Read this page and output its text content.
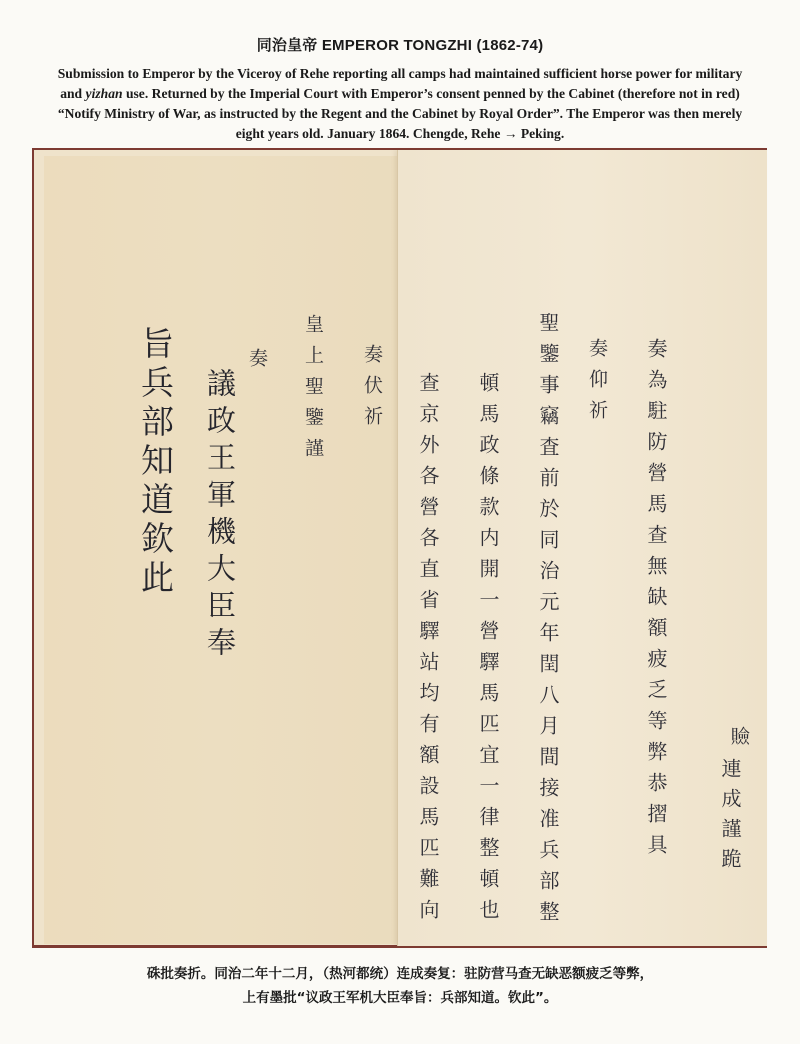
同治皇帝 EMPEROR TONGZHI (1862-74)
Submission to Emperor by the Viceroy of Rehe reporting all camps had maintained sufficient horse power for military
and yizhan use. Returned by the Imperial Court with Emperor’s consent penned by the Cabinet (therefore not in red)
“Notify Ministry of War, as instructed by the Regent and the Cabinet by Royal Order”. The Emperor was then merely
eight years old. January 1864. Chengde, Rehe → Peking.
旨兵部知道欽此 議政王軍機大臣奉
奏 皇上聖鑒謹 奏伏祈 查京外各營各直省驛站均有額設馬匹難向 頓馬政條款内開一營驛馬匹宜一律整頓也 聖鑒事竊査前於同治元年閏八月間接准兵部整 奏仰祈 奏為駐防營馬查無缺額疲乏等弊恭摺具	𧸘
連成謹跪
硃批奏折。同治二年十二月，（热河都统）连成奏复：驻防营马查无缺恶额疲乏等弊，
上有墨批“议政王军机大臣奉旨：兵部知道。钦此”。
